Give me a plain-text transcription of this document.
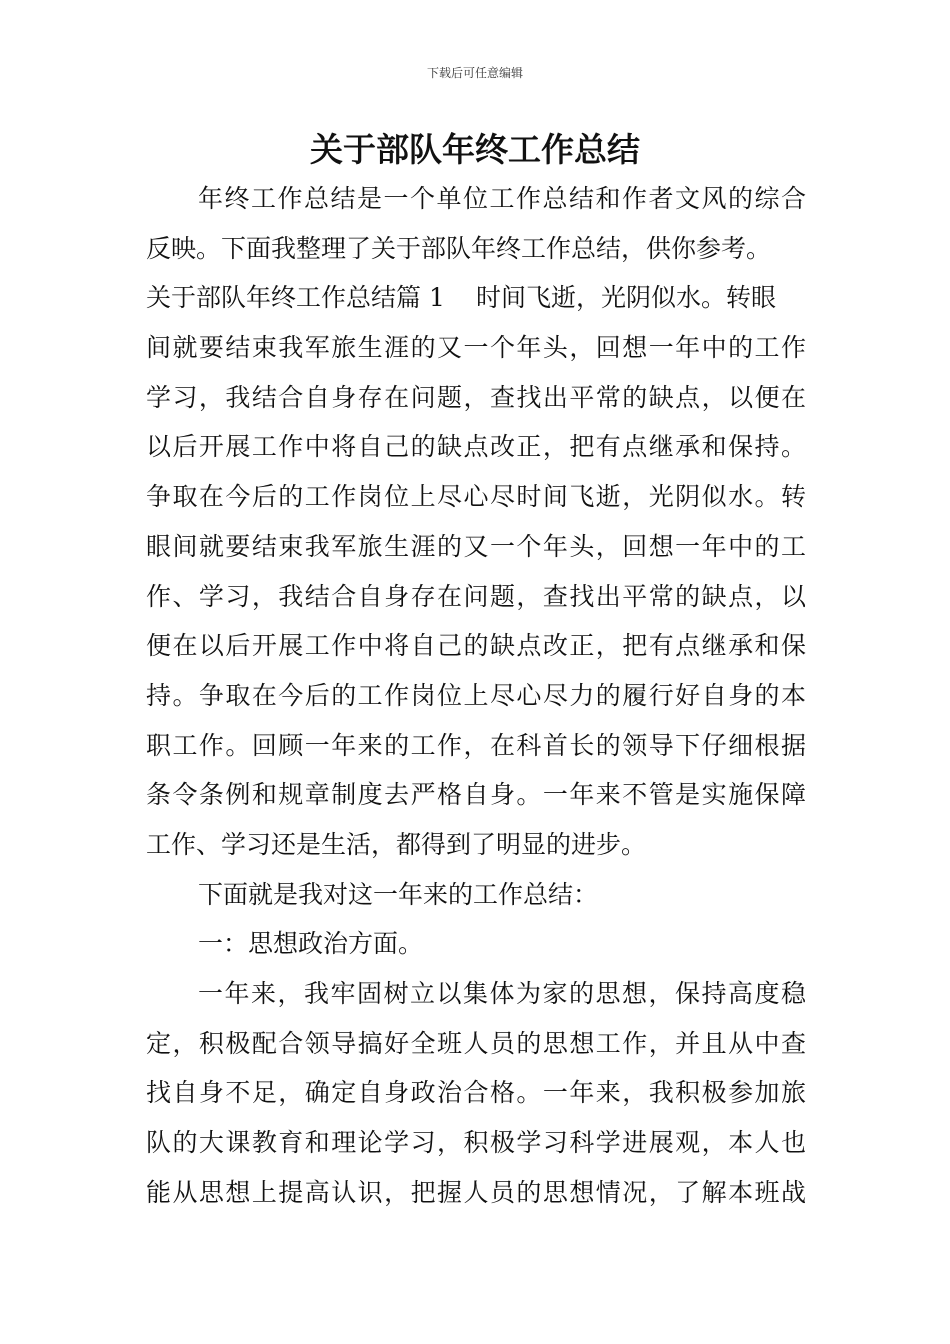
下载后可任意编辑
关于部队年终工作总结
年终工作总结是一个单位工作总结和作者文风的综合
反映。下面我整理了关于部队年终工作总结，供你参考。
关于部队年终工作总结篇 1 时间飞逝，光阴似水。转眼
间就要结束我军旅生涯的又一个年头，回想一年中的工作
学习，我结合自身存在问题，查找出平常的缺点，以便在
以后开展工作中将自己的缺点改正，把有点继承和保持。
争取在今后的工作岗位上尽心尽时间飞逝，光阴似水。转
眼间就要结束我军旅生涯的又一个年头，回想一年中的工
作、学习，我结合自身存在问题，查找出平常的缺点，以
便在以后开展工作中将自己的缺点改正，把有点继承和保
持。争取在今后的工作岗位上尽心尽力的履行好自身的本
职工作。回顾一年来的工作，在科首长的领导下仔细根据
条令条例和规章制度去严格自身。一年来不管是实施保障
工作、学习还是生活，都得到了明显的进步。
下面就是我对这一年来的工作总结：
一：思想政治方面。
一年来，我牢固树立以集体为家的思想，保持高度稳
定，积极配合领导搞好全班人员的思想工作，并且从中查
找自身不足，确定自身政治合格。一年来，我积极参加旅
队的大课教育和理论学习，积极学习科学进展观，本人也
能从思想上提高认识，把握人员的思想情况，了解本班战
